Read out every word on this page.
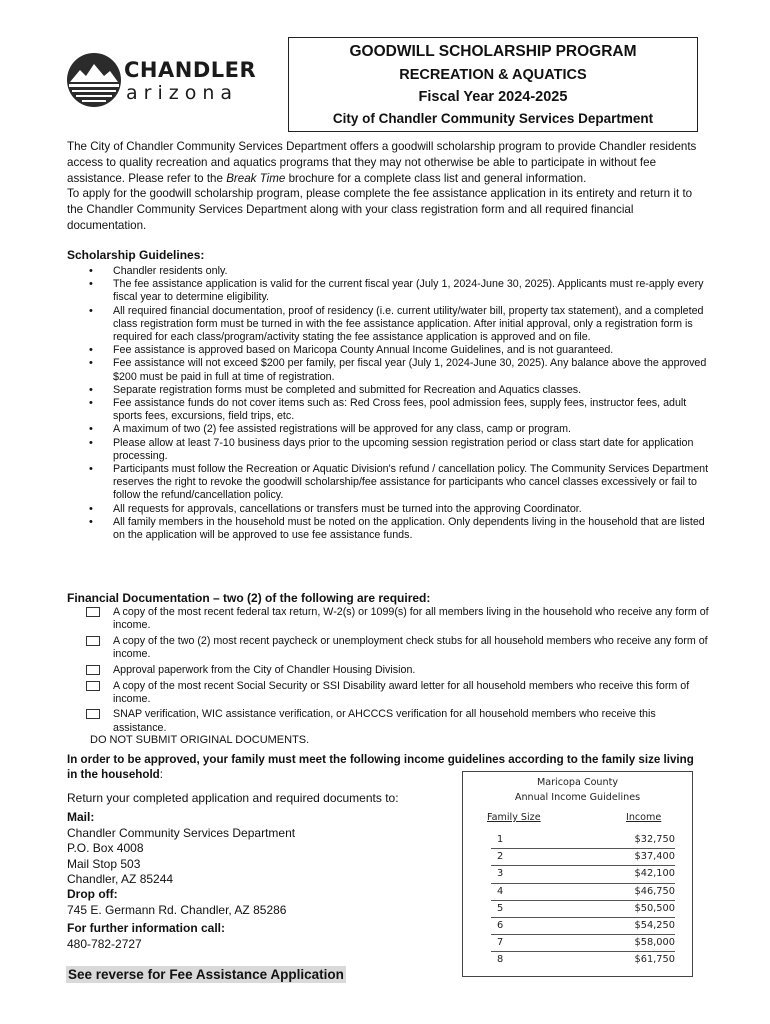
CHANDLER
arizona
GOODWILL SCHOLARSHIP PROGRAM
RECREATION & AQUATICS
Fiscal Year 2024-2025
City of Chandler Community Services Department

The City of Chandler Community Services Department offers a goodwill scholarship program to provide Chandler residents access to quality recreation and aquatics programs that they may not otherwise be able to participate in without fee assistance. Please refer to the Break Time brochure for a complete class list and general information.

To apply for the goodwill scholarship program, please complete the fee assistance application in its entirety and return it to the Chandler Community Services Department along with your class registration form and all required financial documentation.

Scholarship Guidelines:
• Chandler residents only.
• The fee assistance application is valid for the current fiscal year (July 1, 2024-June 30, 2025). Applicants must re-apply every fiscal year to determine eligibility.
• All required financial documentation, proof of residency (i.e. current utility/water bill, property tax statement), and a completed class registration form must be turned in with the fee assistance application. After initial approval, only a registration form is required for each class/program/activity stating the fee assistance application is approved and on file.
• Fee assistance is approved based on Maricopa County Annual Income Guidelines, and is not guaranteed.
• Fee assistance will not exceed $200 per family, per fiscal year (July 1, 2024-June 30, 2025). Any balance above the approved $200 must be paid in full at time of registration.
• Separate registration forms must be completed and submitted for Recreation and Aquatics classes.
• Fee assistance funds do not cover items such as: Red Cross fees, pool admission fees, supply fees, instructor fees, adult sports fees, excursions, field trips, etc.
• A maximum of two (2) fee assisted registrations will be approved for any class, camp or program.
• Please allow at least 7-10 business days prior to the upcoming session registration period or class start date for application processing.
• Participants must follow the Recreation or Aquatic Division's refund / cancellation policy. The Community Services Department reserves the right to revoke the goodwill scholarship/fee assistance for participants who cancel classes excessively or fail to follow the refund/cancellation policy.
• All requests for approvals, cancellations or transfers must be turned into the approving Coordinator.
• All family members in the household must be noted on the application. Only dependents living in the household that are listed on the application will be approved to use fee assistance funds.
Financial Documentation – two (2) of the following are required:
A copy of the most recent federal tax return, W-2(s) or 1099(s) for all members living in the household who receive any form of income.
A copy of the two (2) most recent paycheck or unemployment check stubs for all household members who receive any form of income.
Approval paperwork from the City of Chandler Housing Division.
A copy of the most recent Social Security or SSI Disability award letter for all household members who receive this form of income.
SNAP verification, WIC assistance verification, or AHCCCS verification for all household members who receive this assistance.
DO NOT SUBMIT ORIGINAL DOCUMENTS.
In order to be approved, your family must meet the following income guidelines according to the family size living in the household:
Return your completed application and required documents to:
Mail:
Chandler Community Services Department
P.O. Box 4008
Mail Stop 503
Chandler, AZ 85244
Drop off:
745 E. Germann Rd. Chandler, AZ 85286
For further information call:
480-782-2727
See reverse for Fee Assistance Application
Maricopa County
Annual Income Guidelines
Family Size	Income
1	$32,750
2	$37,400
3	$42,100
4	$46,750
5	$50,500
6	$54,250
7	$58,000
8	$61,750
